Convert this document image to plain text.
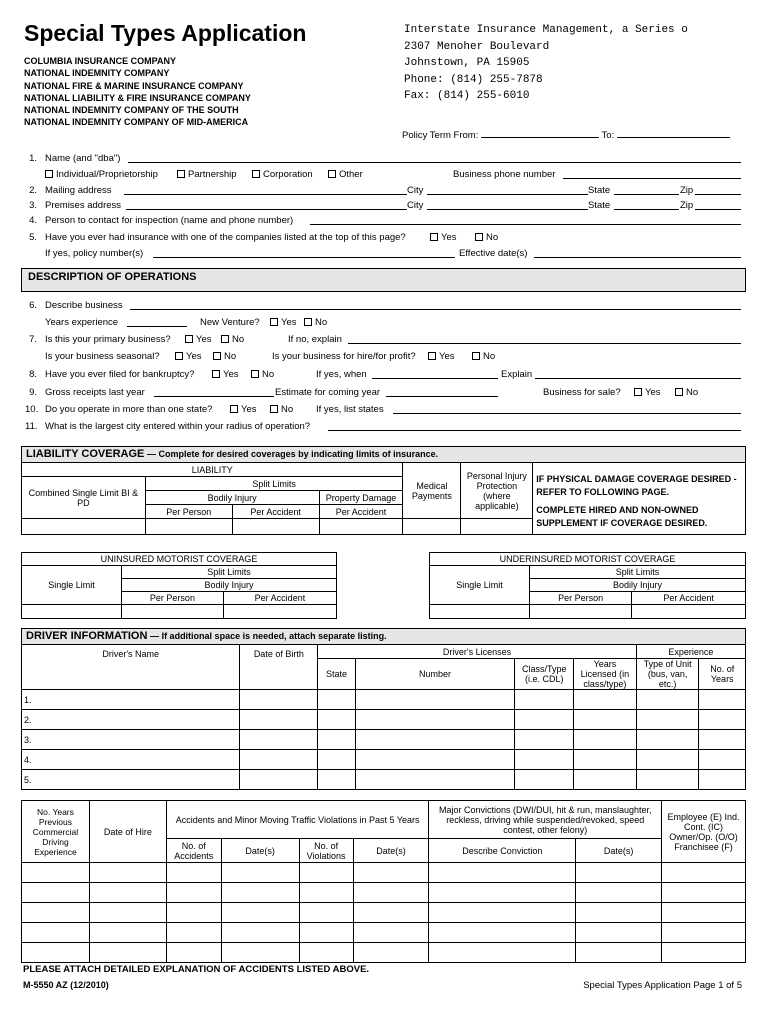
Special Types Application
COLUMBIA INSURANCE COMPANY
NATIONAL INDEMNITY COMPANY
NATIONAL FIRE & MARINE INSURANCE COMPANY
NATIONAL LIABILITY & FIRE INSURANCE COMPANY
NATIONAL INDEMNITY COMPANY OF THE SOUTH
NATIONAL INDEMNITY COMPANY OF MID-AMERICA
Interstate Insurance Management, a Series o
2307 Menoher Boulevard
Johnstown, PA 15905
Phone: (814) 255-7878
Fax: (814) 255-6010
Policy Term From:	To:
1. Name (and "dba")
Individual/Proprietorship	Partnership	Corporation	Other	Business phone number
2. Mailing address	City	State	Zip
3. Premises address	City	State	Zip
4. Person to contact for inspection (name and phone number)
5. Have you ever had insurance with one of the companies listed at the top of this page?	Yes	No
If yes, policy number(s)	Effective date(s)
DESCRIPTION OF OPERATIONS
6. Describe business
Years experience	New Venture?	Yes	No
7. Is this your primary business?	Yes	No	If no, explain
Is your business seasonal?	Yes	No	Is your business for hire/for profit?	Yes	No
8. Have you ever filed for bankruptcy?	Yes	No	If yes, when	Explain
9. Gross receipts last year	Estimate for coming year	Business for sale?	Yes	No
10. Do you operate in more than one state?	Yes	No If yes, list states
11. What is the largest city entered within your radius of operation?
LIABILITY COVERAGE — Complete for desired coverages by indicating limits of insurance.
LIABILITY				Medical Payments	Personal Injury Protection (where applicable)	IF PHYSICAL DAMAGE COVERAGE DESIRED - REFER TO FOLLOWING PAGE.
COMPLETE HIRED AND NON-OWNED SUPPLEMENT IF COVERAGE DESIRED.

Combined Single Limit BI & PD	Split Limits					
	Bodily Injury		Property Damage			
	Per Person	Per Accident	Per Accident			

UNINSURED MOTORIST COVERAGE		
Single Limit	Split Limits	
	Bodily Injury	
	Per Person	Per Accident

UNDERINSURED MOTORIST COVERAGE		
Single Limit	Split Limits	
	Bodily Injury	
	Per Person	Per Accident

DRIVER INFORMATION — If additional space is needed, attach separate listing.
Driver's Name	Date of Birth	Driver's Licenses				Experience	
		State	Number	Class/Type (i.e. CDL)	Years Licensed (in class/type)	Type of Unit (bus, van, etc.)	No. of Years
1.							
2.							
3.							
4.							
5.							
No. Years Previous Commercial Driving Experience	Date of Hire	Accidents and Minor Moving Traffic Violations in Past 5 Years				Major Convictions (DWI/DUI, hit & run, manslaughter, reckless, driving while suspended/revoked, speed contest, other felony)		Employee (E) Ind. Cont. (IC) Owner/Op. (O/O) Franchisee (F)
		No. of Accidents	Date(s)	No. of Violations	Date(s)	Describe Conviction	Date(s)	

PLEASE ATTACH DETAILED EXPLANATION OF ACCIDENTS LISTED ABOVE.
M-5550 AZ (12/2010)	Special Types Application Page 1 of 5
